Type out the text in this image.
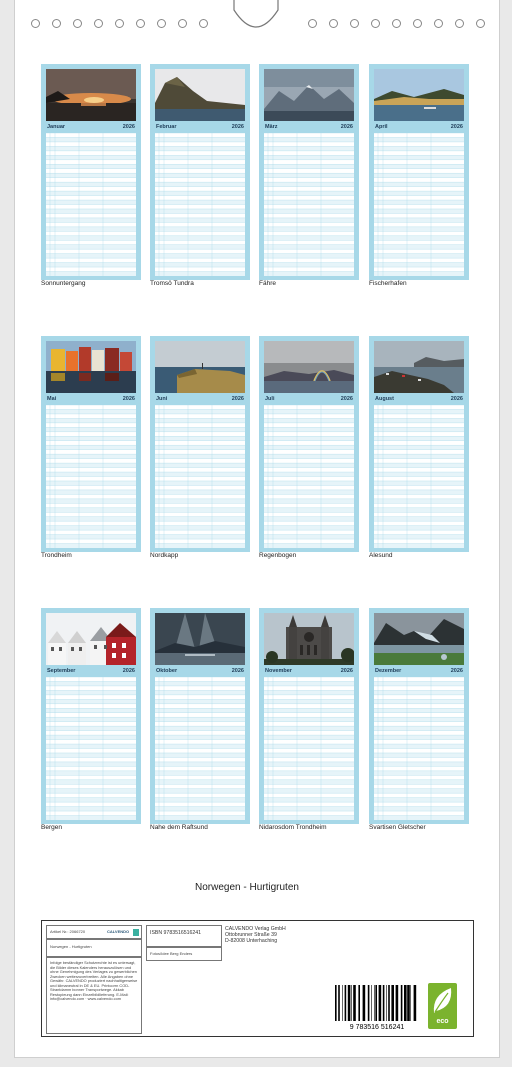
Januar	2026
Sonnuntergang
Februar	2026
Tromsö Tundra
März	2026
Fähre
April	2026
Fischerhafen
Mai	2026
Trondheim
Juni	2026
Nordkapp
Juli	2026
Regenbogen
August	2026
Alesund
September	2026
Bergen
Oktober	2026
Nahe dem Raftsund
November	2026
Nidarosdom Trondheim
Dezember	2026
Svartisen Gletscher
Norwegen - Hurtigruten
Artikel Nr.: 2066720	CALVENDO
Norwegen - Hurtigruten
Infolge beständiger Schutzrechte ist es untersagt, die Bilder dieses Kalenders herauszulösen und ohne Genehmigung des Verlages zu gewerblichen Zwecken weiterzuverbreiten. Alle Angaben ohne Gewähr. CALVENDO produziert nachhaltigerweise und klimaneutral in DE & EU. Printcorrn COD-Strantdamm bonner Transportwege. Akkab Restopieung dann Einzelbildlieferung. E-Mail: info@calvendo.com · www.calvendo.com
ISBN 9783516516241
Fotos/Idee Berg Enders
CALVENDO Verlag GmbH
Ottobrunner Straße 39
D-82008 Unterhaching
9 783516 516241
eco
